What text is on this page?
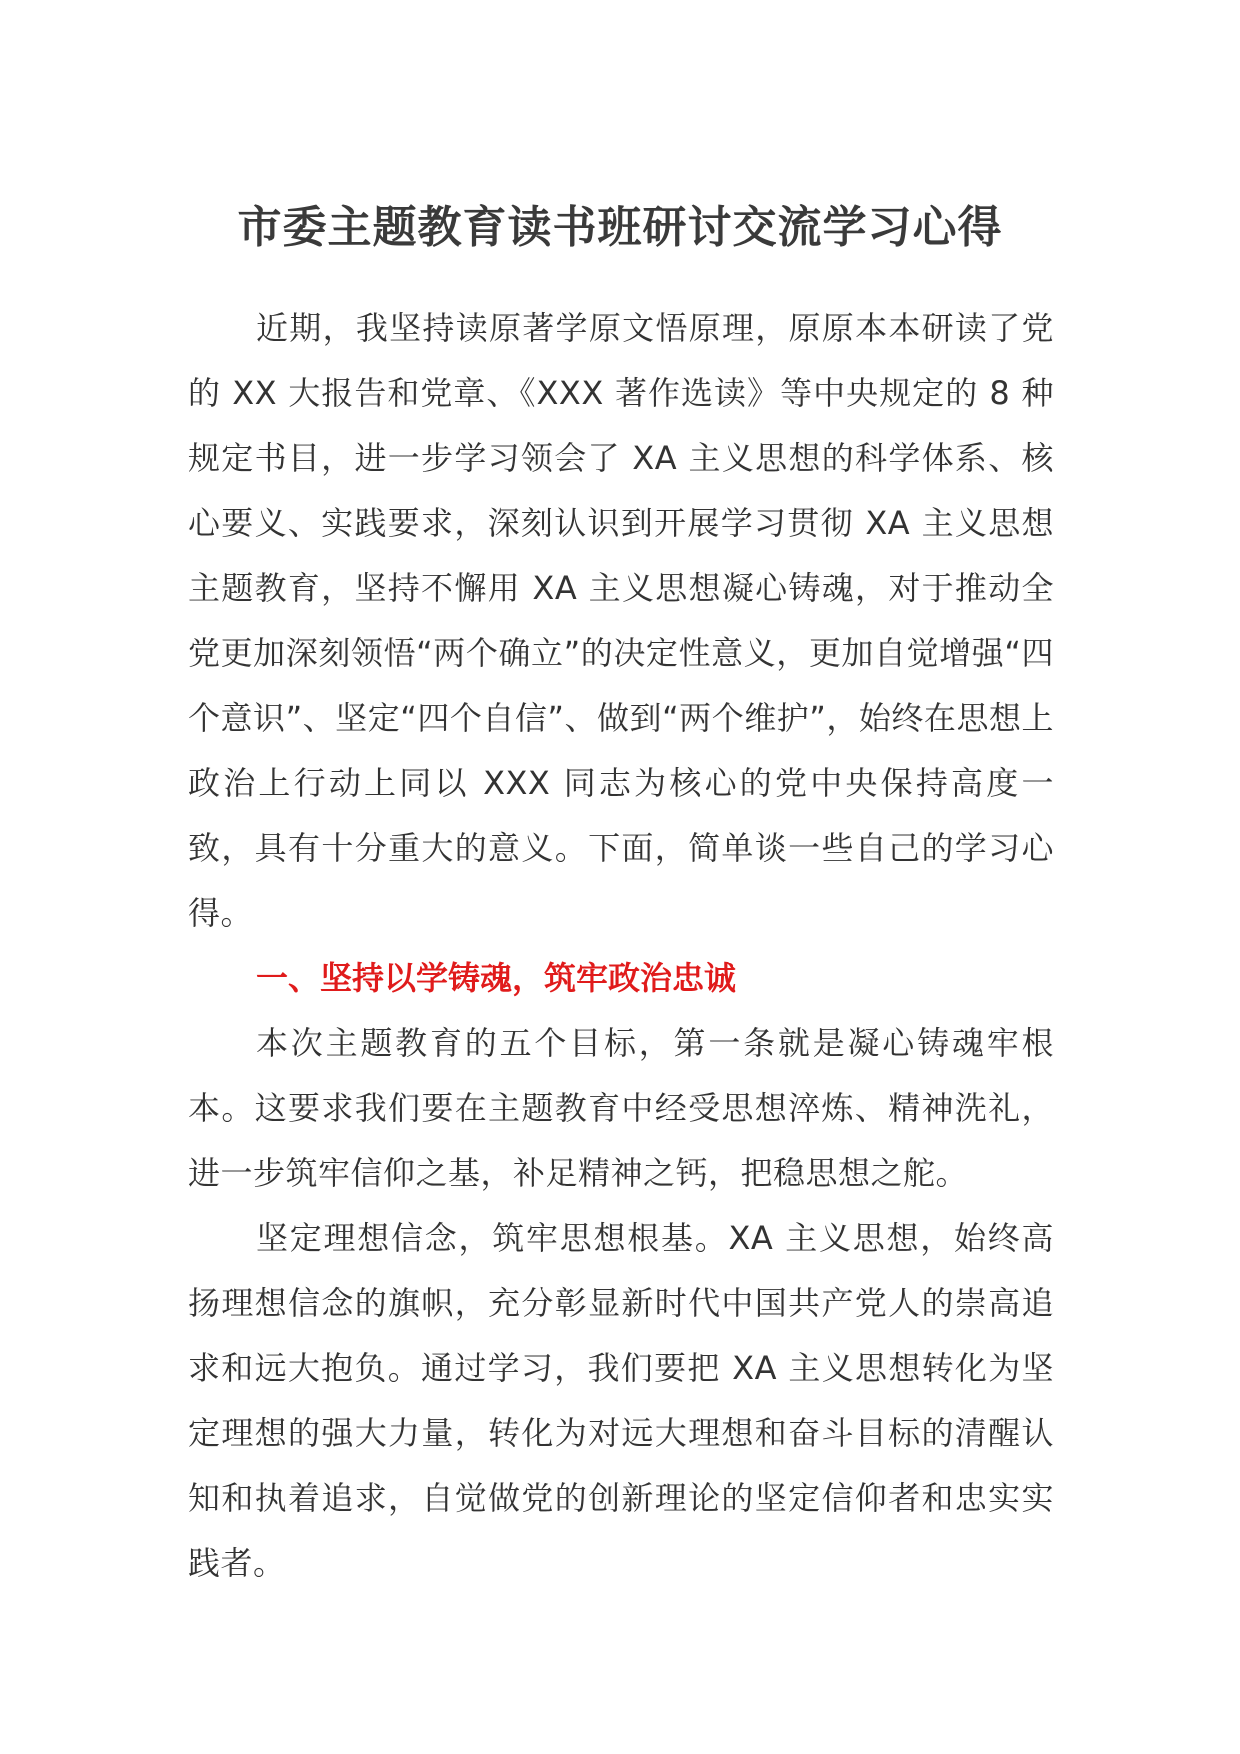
市委主题教育读书班研讨交流学习心得

近期，我坚持读原著学原文悟原理，原原本本研读了党的 XX 大报告和党章、《XXX 著作选读》等中央规定的 8 种规定书目，进一步学习领会了 XA 主义思想的科学体系、核心要义、实践要求，深刻认识到开展学习贯彻 XA 主义思想主题教育，坚持不懈用 XA 主义思想凝心铸魂，对于推动全党更加深刻领悟“两个确立”的决定性意义，更加自觉增强“四个意识”、坚定“四个自信”、做到“两个维护”，始终在思想上政治上行动上同以 XXX 同志为核心的党中央保持高度一致，具有十分重大的意义。下面，简单谈一些自己的学习心得。

一、坚持以学铸魂，筑牢政治忠诚

本次主题教育的五个目标，第一条就是凝心铸魂牢根本。这要求我们要在主题教育中经受思想淬炼、精神洗礼，进一步筑牢信仰之基，补足精神之钙，把稳思想之舵。

坚定理想信念，筑牢思想根基。XA 主义思想，始终高扬理想信念的旗帜，充分彰显新时代中国共产党人的崇高追求和远大抱负。通过学习，我们要把 XA 主义思想转化为坚定理想的强大力量，转化为对远大理想和奋斗目标的清醒认知和执着追求，自觉做党的创新理论的坚定信仰者和忠实实践者。
